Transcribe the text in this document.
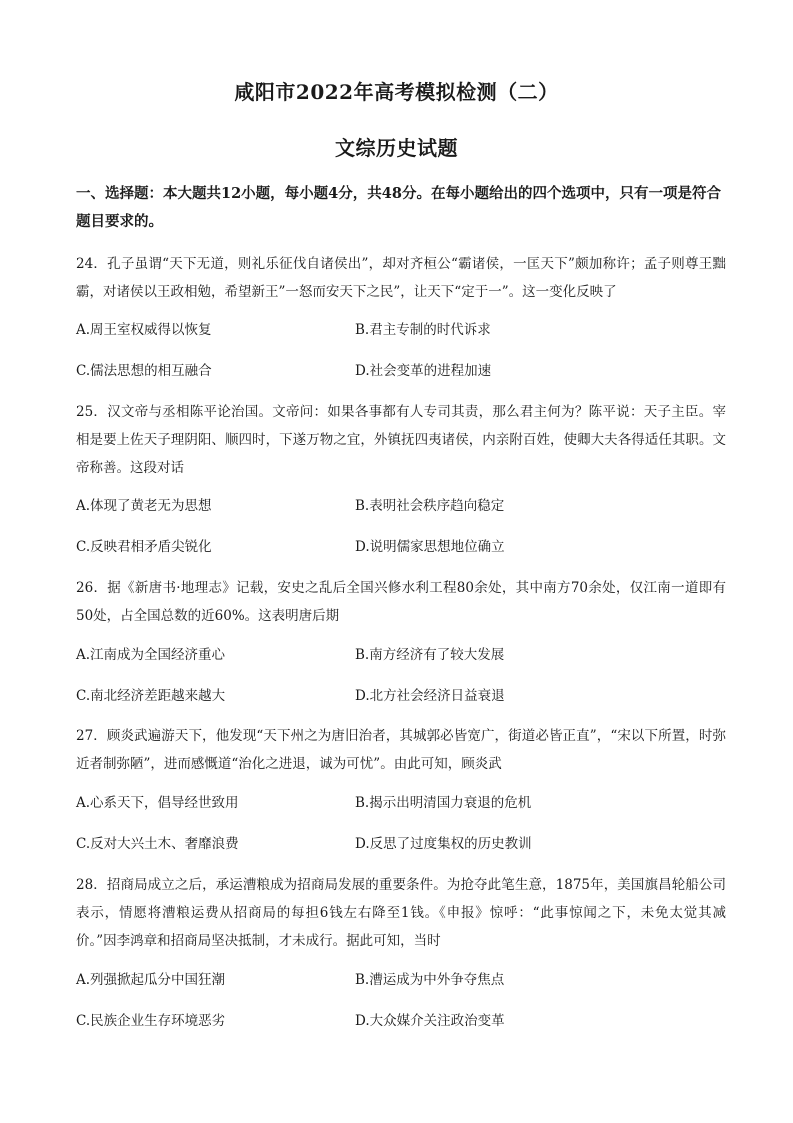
咸阳市2022年高考模拟检测（二）
文综历史试题
一、选择题：本大题共12小题，每小题4分，共48分。在每小题给出的四个选项中，只有一项是符合题目要求的。
24．孔子虽谓“天下无道，则礼乐征伐自诸侯出”，却对齐桓公“霸诸侯，一匡天下”颇加称许；孟子则尊王黜霸，对诸侯以王政相勉，希望新王”一怒而安天下之民”，让天下“定于一”。这一变化反映了
A.周王室权威得以恢复	B.君主专制的时代诉求
C.儒法思想的相互融合	D.社会变革的进程加速
25．汉文帝与丞相陈平论治国。文帝问：如果各事都有人专司其责，那么君主何为？陈平说：天子主臣。宰相是要上佐天子理阴阳、顺四时，下遂万物之宜，外镇抚四夷诸侯，内亲附百姓，使卿大夫各得适任其职。文帝称善。这段对话
A.体现了黄老无为思想	B.表明社会秩序趋向稳定
C.反映君相矛盾尖锐化	D.说明儒家思想地位确立
26．据《新唐书·地理志》记载，安史之乱后全国兴修水利工程80余处，其中南方70余处，仅江南一道即有50处，占全国总数的近60%。这表明唐后期
A.江南成为全国经济重心	B.南方经济有了较大发展
C.南北经济差距越来越大	D.北方社会经济日益衰退
27．顾炎武遍游天下，他发现“天下州之为唐旧治者，其城郭必皆宽广，街道必皆正直”，“宋以下所置，时弥近者制弥陋”，进而感慨道“治化之进退，诚为可忧”。由此可知，顾炎武
A.心系天下，倡导经世致用	B.揭示出明清国力衰退的危机
C.反对大兴土木、奢靡浪费	D.反思了过度集权的历史教训
28．招商局成立之后，承运漕粮成为招商局发展的重要条件。为抢夺此笔生意，1875年，美国旗昌轮船公司表示，情愿将漕粮运费从招商局的每担6钱左右降至1钱。《申报》惊呼：“此事惊闻之下，未免太觉其减价。”因李鸿章和招商局坚决抵制，才未成行。据此可知，当时
A.列强掀起瓜分中国狂潮	B.漕运成为中外争夺焦点
C.民族企业生存环境恶劣	D.大众媒介关注政治变革
